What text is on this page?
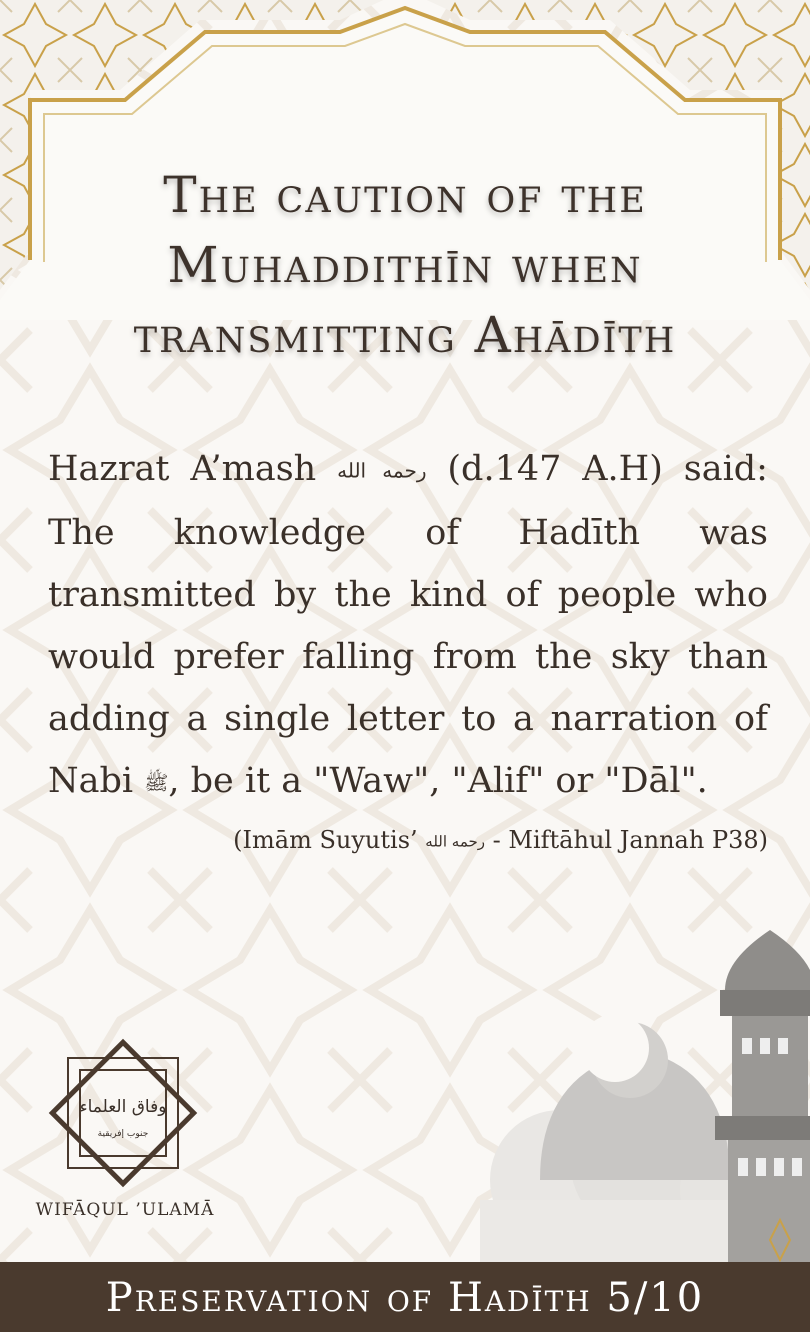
The caution of the Muhaddithīn when transmitting Ahādīth

Hazrat A’mash رحمه الله (d.147 A.H) said: The knowledge of Hadīth was transmitted by the kind of people who would prefer falling from the sky than adding a single letter to a narration of Nabi ﷺ, be it a "Waw", "Alif" or "Dāl".

(Imām Suyutis’ رحمه الله - Miftāhul Jannah P38)

وفاق العلماء
جنوب إفريقية
WIFĀQUL ’ULAMĀ
Preservation of Hadīth 5/10
